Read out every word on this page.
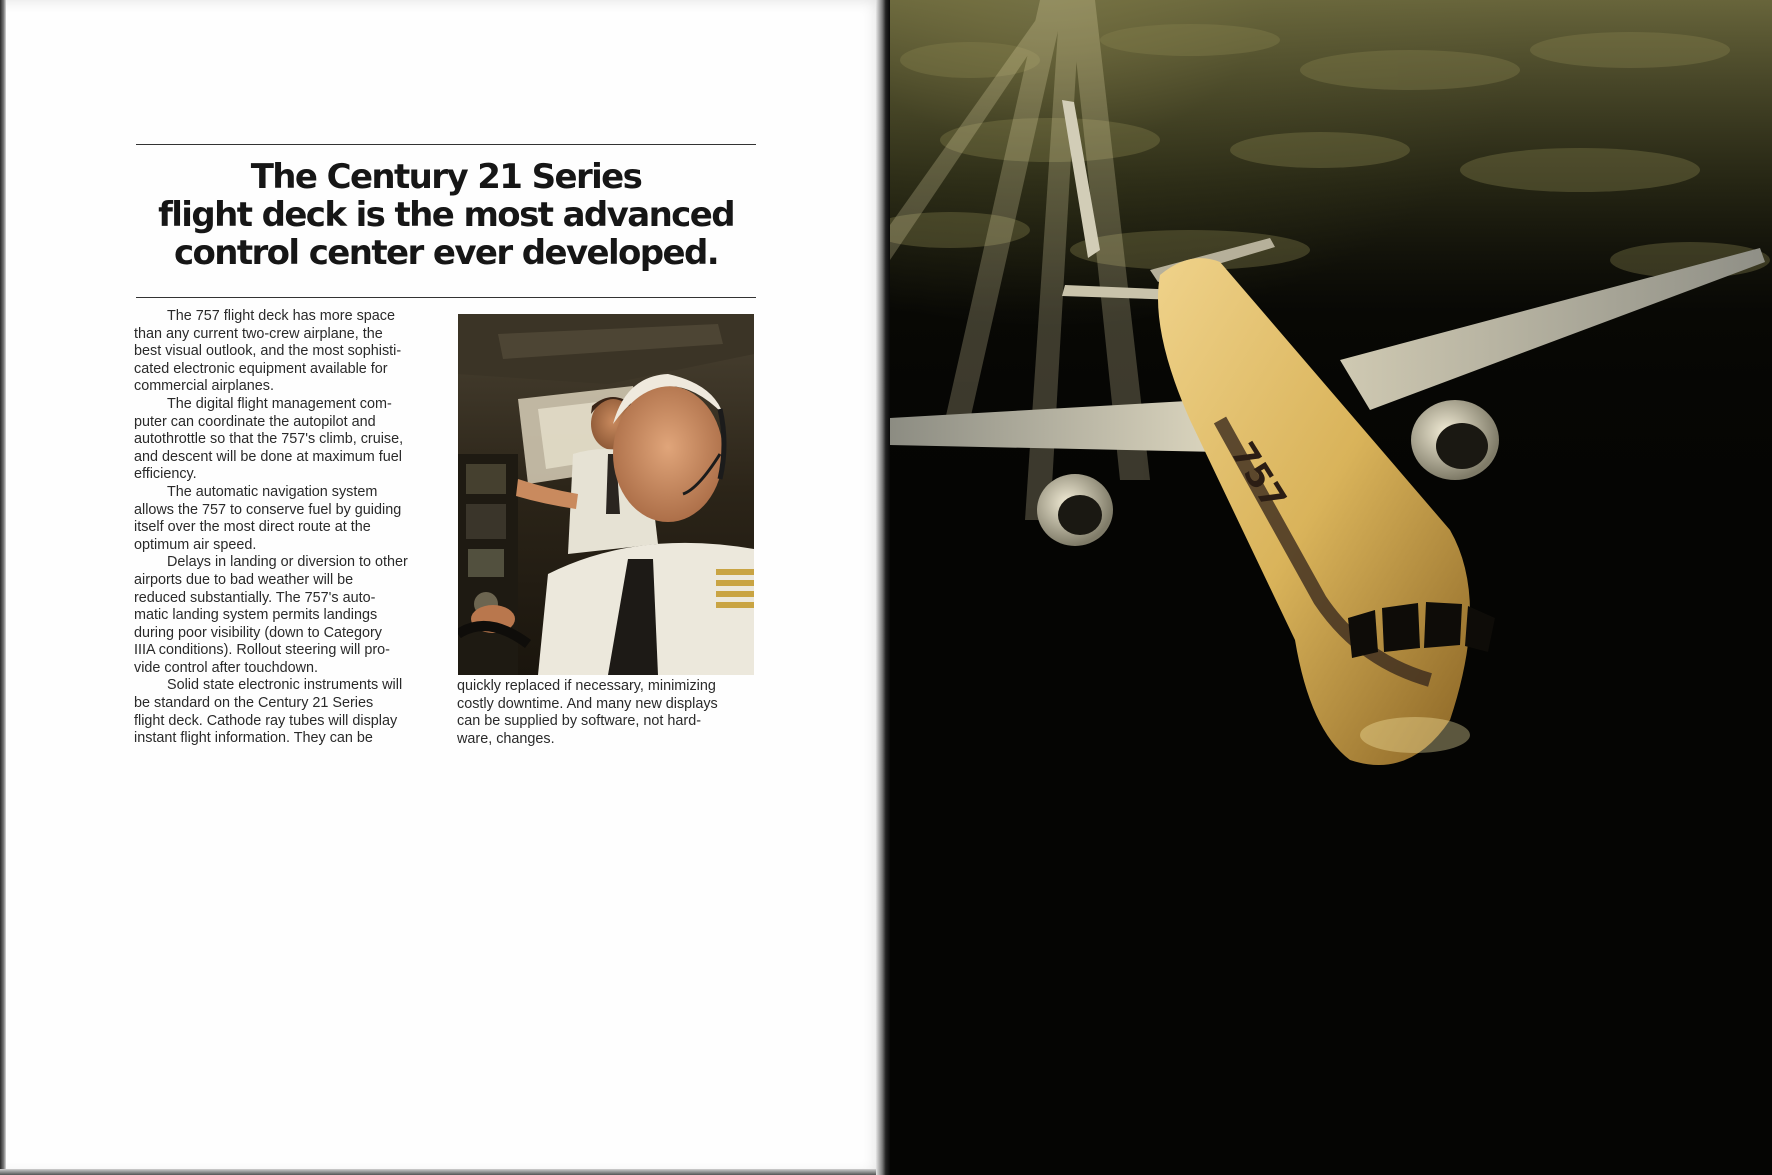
The Century 21 Series
flight deck is the most advanced
control center ever developed.

The 757 flight deck has more space
than any current two-crew airplane, the
best visual outlook, and the most sophisti-
cated electronic equipment available for
commercial airplanes.

The digital flight management com-
puter can coordinate the autopilot and
autothrottle so that the 757's climb, cruise,
and descent will be done at maximum fuel
efficiency.

The automatic navigation system
allows the 757 to conserve fuel by guiding
itself over the most direct route at the
optimum air speed.

Delays in landing or diversion to other
airports due to bad weather will be
reduced substantially. The 757's auto-
matic landing system permits landings
during poor visibility (down to Category
IIIA conditions). Rollout steering will pro-
vide control after touchdown.

Solid state electronic instruments will
be standard on the Century 21 Series
flight deck. Cathode ray tubes will display
instant flight information. They can be

quickly replaced if necessary, minimizing
costly downtime. And many new displays
can be supplied by software, not hard-
ware, changes.

757
